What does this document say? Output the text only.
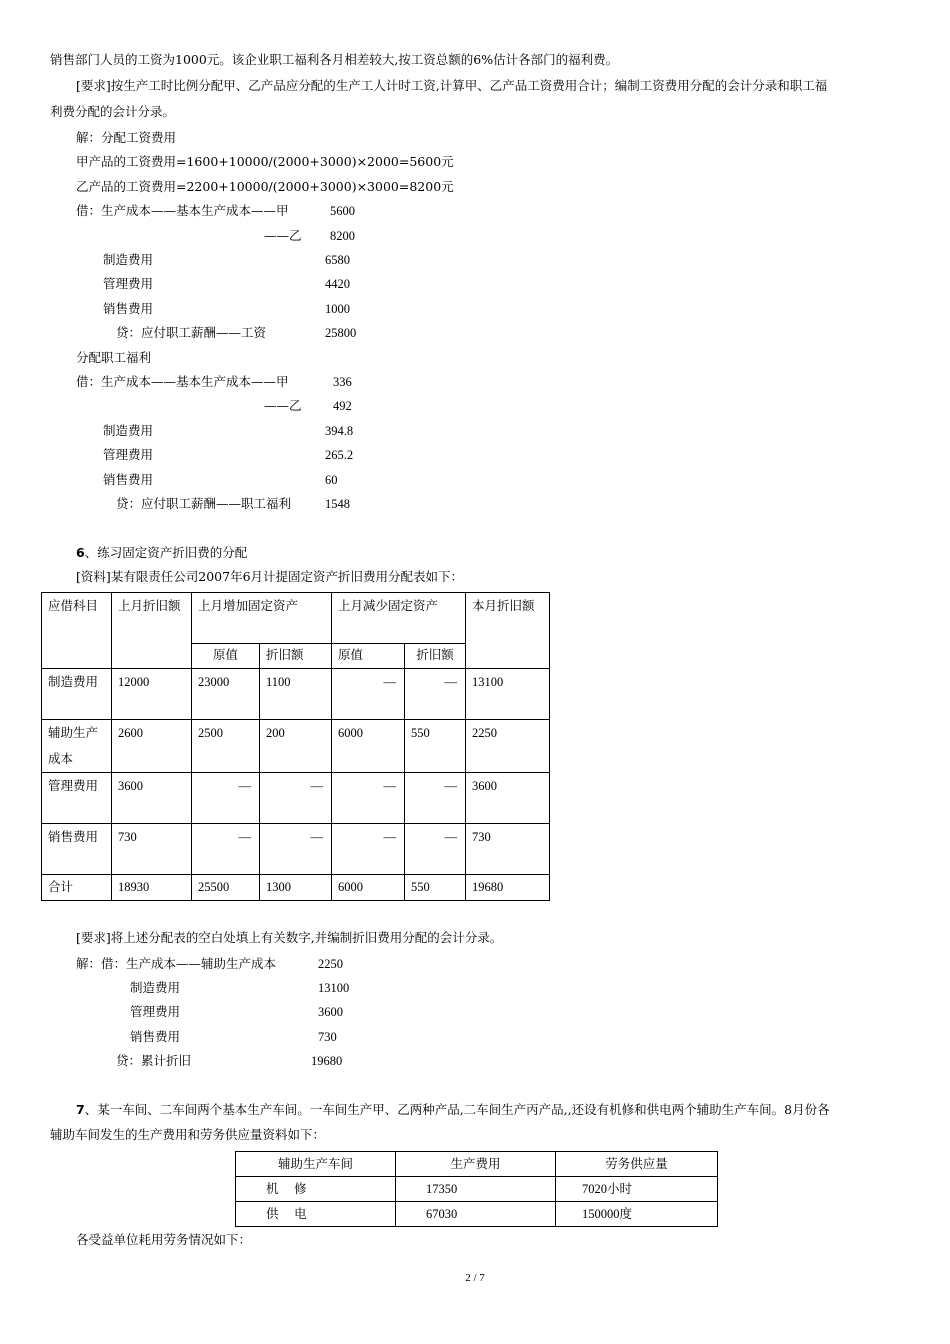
销售部门人员的工资为1000元。该企业职工福利各月相差较大,按工资总额的6%估计各部门的福利费。
[要求]按生产工时比例分配甲、乙产品应分配的生产工人计时工资,计算甲、乙产品工资费用合计；编制工资费用分配的会计分录和职工福
利费分配的会计分录。
解：分配工资费用
甲产品的工资费用=1600+10000/(2000+3000)×2000=5600元
乙产品的工资费用=2200+10000/(2000+3000)×3000=8200元
借：生产成本——基本生产成本——甲	5600
——乙 8200
制造费用	6580
管理费用	4420
销售费用	1000
贷：应付职工薪酬——工资	25800
分配职工福利
借：生产成本——基本生产成本——甲	336
——乙	492
制造费用	394.8
管理费用	265.2
销售费用	60
贷：应付职工薪酬——职工福利	1548
6、练习固定资产折旧费的分配
[资料]某有限责任公司2007年6月计提固定资产折旧费用分配表如下：
应借科目	上月折旧额	上月增加固定资产		上月减少固定资产		本月折旧额
		原值	折旧额	原值	折旧额	
制造费用	12000	23000	1100	—	—	13100
辅助生产成本	2600	2500	200	6000	550	2250
管理费用	3600	—	—	—	—	3600
销售费用	730	—	—	—	—	730
合计	18930	25500	1300	6000	550	19680
[要求]将上述分配表的空白处填上有关数字,并编制折旧费用分配的会计分录。
解：借：生产成本——辅助生产成本	2250
制造费用	13100
管理费用	3600
销售费用	730
贷：累计折旧	19680
7、某一车间、二车间两个基本生产车间。一车间生产甲、乙两种产品,二车间生产丙产品,,还设有机修和供电两个辅助生产车间。8月份各
辅助车间发生的生产费用和劳务供应量资料如下：
辅助生产车间	生产费用	劳务供应量
机　 修	17350	7020小时
供　 电	67030	150000度
各受益单位耗用劳务情况如下：
2 / 7
